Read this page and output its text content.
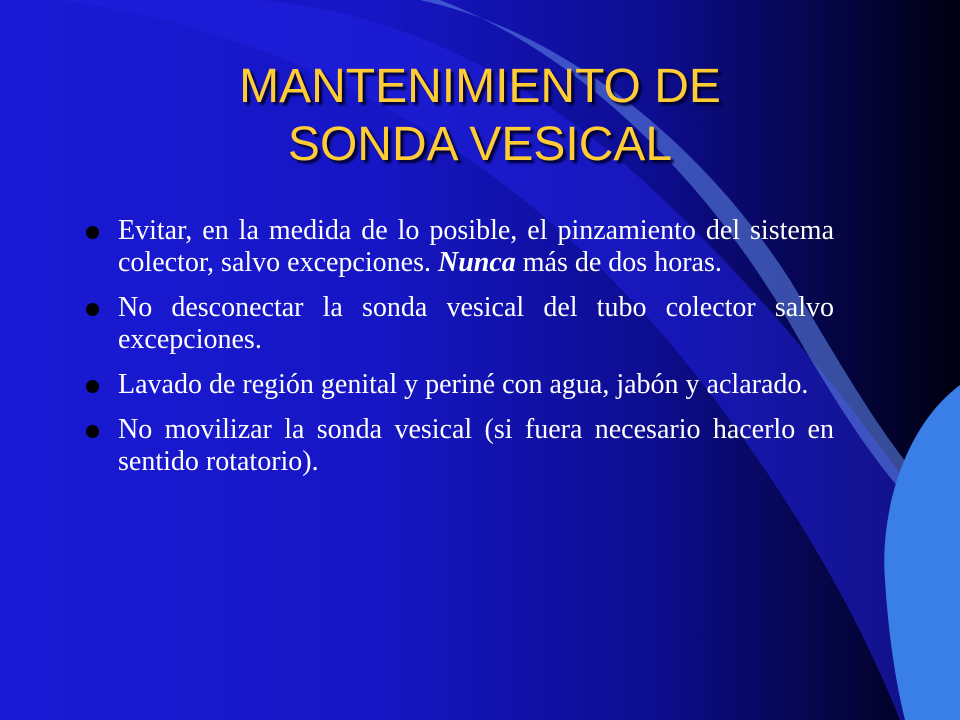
MANTENIMIENTO DE
SONDA VESICAL
Evitar, en la medida de lo posible, el pinzamiento del sistema colector, salvo excepciones. Nunca más de dos horas.
No desconectar la sonda vesical del tubo colector salvo excepciones.
Lavado de región genital y periné con agua, jabón y aclarado.
No movilizar la sonda vesical (si fuera necesario hacerlo en sentido rotatorio).
